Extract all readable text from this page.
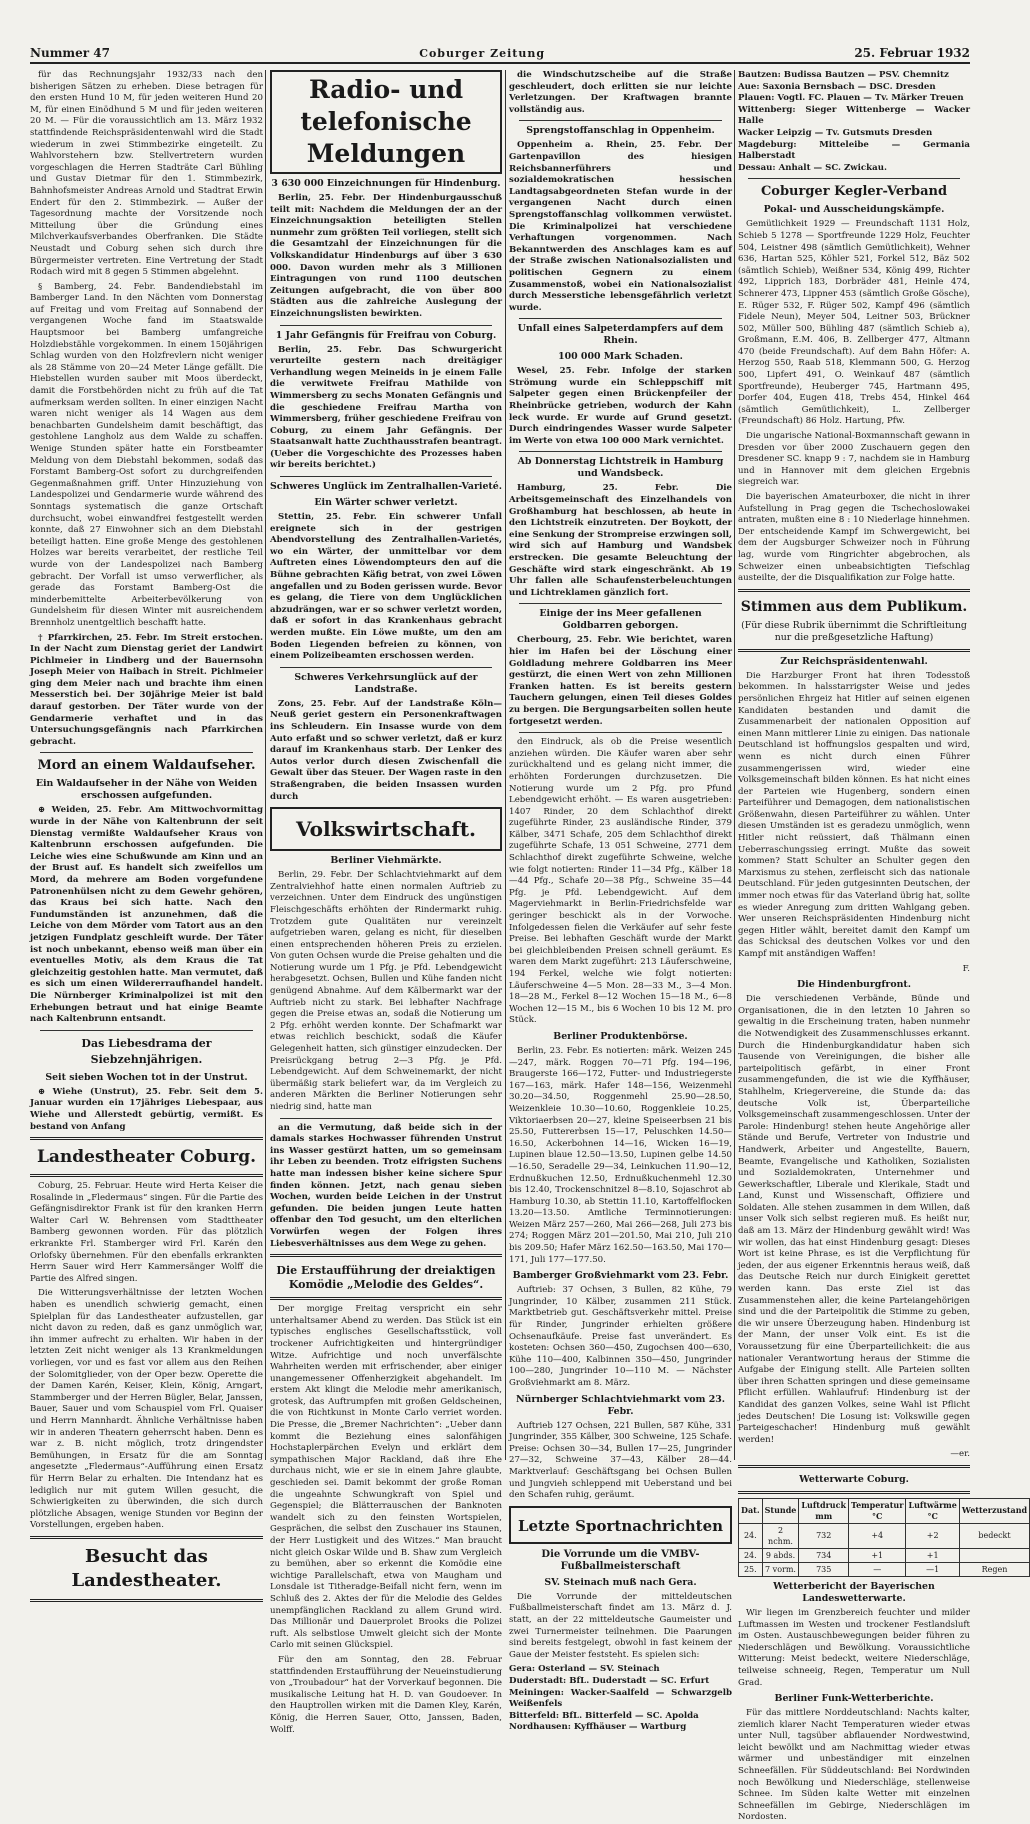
Nummer 47	Coburger Zeitung	25. Februar 1932
für das Rechnungsjahr 1932/33 nach den bisherigen Sätzen zu erheben. Diese betragen für den ersten Hund 10 M, für jeden weiteren Hund 20 M, für einen Einödhund 5 M und für jeden weiteren 20 M. — Für die voraussichtlich am 13. März 1932 stattfindende Reichspräsidentenwahl wird die Stadt wiederum in zwei Stimmbezirke eingeteilt. Zu Wahlvorstehern bzw. Stellvertretern wurden vorgeschlagen die Herren Stadträte Carl Bühling und Gustav Dietmar für den 1. Stimmbezirk, Bahnhofsmeister Andreas Arnold und Stadtrat Erwin Endert für den 2. Stimmbezirk. — Außer der Tagesordnung machte der Vorsitzende noch Mitteilung über die Gründung eines Milchverkaufsverbandes Oberfranken. Die Städte Neustadt und Coburg sehen sich durch ihre Bürgermeister vertreten. Eine Vertretung der Stadt Rodach wird mit 8 gegen 5 Stimmen abgelehnt.
§ Bamberg, 24. Febr. Bandendiebstahl im Bamberger Land. In den Nächten vom Donnerstag auf Freitag und vom Freitag auf Sonnabend der vergangenen Woche fand im Staatswalde Hauptsmoor bei Bamberg umfangreiche Holzdiebstähle vorgekommen. In einem 150jährigen Schlag wurden von den Holzfrevlern nicht weniger als 28 Stämme von 20—24 Meter Länge gefällt. Die Hiebstellen wurden sauber mit Moos überdeckt, damit die Forstbehörden nicht zu früh auf die Tat aufmerksam werden sollten. In einer einzigen Nacht waren nicht weniger als 14 Wagen aus dem benachbarten Gundelsheim damit beschäftigt, das gestohlene Langholz aus dem Walde zu schaffen. Wenige Stunden später hatte ein Forstbeamter Meldung von dem Diebstahl bekommen, sodaß das Forstamt Bamberg-Ost sofort zu durchgreifenden Gegenmaßnahmen griff. Unter Hinzuziehung von Landespolizei und Gendarmerie wurde während des Sonntags systematisch die ganze Ortschaft durchsucht, wobei einwandfrei festgestellt werden konnte, daß 27 Einwohner sich an dem Diebstahl beteiligt hatten. Eine große Menge des gestohlenen Holzes war bereits verarbeitet, der restliche Teil wurde von der Landespolizei nach Bamberg gebracht. Der Vorfall ist umso verwerflicher, als gerade das Forstamt Bamberg-Ost die minderbemittelte Arbeiterbevölkerung von Gundelsheim für diesen Winter mit ausreichendem Brennholz unentgeltlich beschafft hatte.
† Pfarrkirchen, 25. Febr. Im Streit erstochen. In der Nacht zum Dienstag geriet der Landwirt Pichlmeier in Lindberg und der Bauernsohn Joseph Meier von Haibach in Streit. Pichlmeier ging dem Meier nach und brachte ihm einen Messerstich bei. Der 30jährige Meier ist bald darauf gestorben. Der Täter wurde von der Gendarmerie verhaftet und in das Untersuchungsgefängnis nach Pfarrkirchen gebracht.
Mord an einem Waldaufseher.
Ein Waldaufseher in der Nähe von Weiden erschossen aufgefunden.
⊕ Weiden, 25. Febr. Am Mittwochvormittag wurde in der Nähe von Kaltenbrunn der seit Dienstag vermißte Waldaufseher Kraus von Kaltenbrunn erschossen aufgefunden. Die Leiche wies eine Schußwunde am Kinn und an der Brust auf. Es handelt sich zweifellos um Mord, da mehrere am Boden vorgefundene Patronenhülsen nicht zu dem Gewehr gehören, das Kraus bei sich hatte. Nach den Fundumständen ist anzunehmen, daß die Leiche von dem Mörder vom Tatort aus an den jetzigen Fundplatz geschleift wurde. Der Täter ist noch unbekannt, ebenso weiß man über ein eventuelles Motiv, als dem Kraus die Tat gleichzeitig gestohlen hatte. Man vermutet, daß es sich um einen Wildererraufhandel handelt. Die Nürnberger Kriminalpolizei ist mit den Erhebungen betraut und hat einige Beamte nach Kaltenbrunn entsandt.
Das Liebesdrama der Siebzehnjährigen.
Seit sieben Wochen tot in der Unstrut.
⊕ Wiehe (Unstrut), 25. Febr. Seit dem 5. Januar wurden ein 17jähriges Liebespaar, aus Wiehe und Allerstedt gebürtig, vermißt. Es bestand von Anfang
Landestheater Coburg.
Coburg, 25. Februar. Heute wird Herta Keiser die Rosalinde in „Fledermaus“ singen. Für die Partie des Gefängnisdirektor Frank ist für den kranken Herrn Walter Carl W. Behrensen vom Stadttheater Bamberg gewonnen worden. Für das plötzlich erkrankte Frl. Stamberger wird Frl. Karén den Orlofsky übernehmen. Für den ebenfalls erkrankten Herrn Sauer wird Herr Kammersänger Wolff die Partie des Alfred singen.
Die Witterungsverhältnisse der letzten Wochen haben es unendlich schwierig gemacht, einen Spielplan für das Landestheater aufzustellen, gar nicht davon zu reden, daß es ganz unmöglich war, ihn immer aufrecht zu erhalten. Wir haben in der letzten Zeit nicht weniger als 13 Krankmeldungen vorliegen, vor und es fast vor allem aus den Reihen der Solomitglieder, von der Oper bezw. Operette die der Damen Karén, Keiser, Klein, König, Arngart, Stammberger und der Herren Bügler, Belar, Janssen, Bauer, Sauer und vom Schauspiel vom Frl. Quaiser und Herrn Mannhardt. Ähnliche Verhältnisse haben wir in anderen Theatern geherrscht haben. Denn es war z. B. nicht möglich, trotz dringendster Bemühungen, in Ersatz für die am Sonntag angesetzte „Fledermaus“-Aufführung einen Ersatz für Herrn Belar zu erhalten. Die Intendanz hat es lediglich nur mit gutem Willen gesucht, die Schwierigkeiten zu überwinden, die sich durch plötzliche Absagen, wenige Stunden vor Beginn der Vorstellungen, ergeben haben.
Besucht das Landestheater.
Radio- und telefonische Meldungen
3 630 000 Einzeichnungen für Hindenburg.
Berlin, 25. Febr. Der Hindenburgausschuß teilt mit: Nachdem die Meldungen der an der Einzeichnungsaktion beteiligten Stellen nunmehr zum größten Teil vorliegen, stellt sich die Gesamtzahl der Einzeichnungen für die Volkskandidatur Hindenburgs auf über 3 630 000. Davon wurden mehr als 3 Millionen Eintragungen von rund 1100 deutschen Zeitungen aufgebracht, die von über 800 Städten aus die zahlreiche Auslegung der Einzeichnungslisten bewirkten.
1 Jahr Gefängnis für Freifrau von Coburg.
Berlin, 25. Febr. Das Schwurgericht verurteilte gestern nach dreitägiger Verhandlung wegen Meineids in je einem Falle die verwitwete Freifrau Mathilde von Wimmersberg zu sechs Monaten Gefängnis und die geschiedene Freifrau Martha von Wimmersberg, früher geschiedene Freifrau von Coburg, zu einem Jahr Gefängnis. Der Staatsanwalt hatte Zuchthausstrafen beantragt. (Ueber die Vorgeschichte des Prozesses haben wir bereits berichtet.)
Schweres Unglück im Zentralhallen-Varieté.
Ein Wärter schwer verletzt.
Stettin, 25. Febr. Ein schwerer Unfall ereignete sich in der gestrigen Abendvorstellung des Zentralhallen-Varietés, wo ein Wärter, der unmittelbar vor dem Auftreten eines Löwendompteurs den auf die Bühne gebrachten Käfig betrat, von zwei Löwen angefallen und zu Boden gerissen wurde. Bevor es gelang, die Tiere von dem Unglücklichen abzudrängen, war er so schwer verletzt worden, daß er sofort in das Krankenhaus gebracht werden mußte. Ein Löwe mußte, um den am Boden Liegenden befreien zu können, von einem Polizeibeamten erschossen werden.
Schweres Verkehrsunglück auf der Landstraße.
Zons, 25. Febr. Auf der Landstraße Köln—Neuß geriet gestern ein Personenkraftwagen ins Schleudern. Ein Insasse wurde von dem Auto erfaßt und so schwer verletzt, daß er kurz darauf im Krankenhaus starb. Der Lenker des Autos verlor durch diesen Zwischenfall die Gewalt über das Steuer. Der Wagen raste in den Straßengraben, die beiden Insassen wurden durch
Volkswirtschaft.
Berliner Viehmärkte.
Berlin, 29. Febr. Der Schlachtviehmarkt auf dem Zentralviehhof hatte einen normalen Auftrieb zu verzeichnen. Unter dem Eindruck des ungünstigen Fleischgeschäfts erhöhten der Rindermarkt ruhig. Trotzdem gute Qualitäten nur vereinzelt aufgetrieben waren, gelang es nicht, für dieselben einen entsprechenden höheren Preis zu erzielen. Von guten Ochsen wurde die Preise gehalten und die Notierung wurde um 1 Pfg. je Pfd. Lebendgewicht herabgesetzt. Ochsen, Bullen und Kühe fanden nicht genügend Abnahme. Auf dem Kälbermarkt war der Auftrieb nicht zu stark. Bei lebhafter Nachfrage gegen die Preise etwas an, sodaß die Notierung um 2 Pfg. erhöht werden konnte. Der Schafmarkt war etwas reichlich beschickt, sodaß die Käufer Gelegenheit hatten, sich günstiger einzudecken. Der Preisrückgang betrug 2—3 Pfg. je Pfd. Lebendgewicht. Auf dem Schweinemarkt, der nicht übermäßig stark beliefert war, da im Vergleich zu anderen Märkten die Berliner Notierungen sehr niedrig sind, hatte man
an die Vermutung, daß beide sich in der damals starkes Hochwasser führenden Unstrut ins Wasser gestürzt hatten, um so gemeinsam ihr Leben zu beenden. Trotz eifrigsten Suchens hatte man indessen bisher keine sichere Spur finden können. Jetzt, nach genau sieben Wochen, wurden beide Leichen in der Unstrut gefunden. Die beiden jungen Leute hatten offenbar den Tod gesucht, um den elterlichen Vorwürfen wegen der Folgen ihres Liebesverhältnisses aus dem Wege zu gehen.
Die Erstaufführung der dreiaktigen Komödie „Melodie des Geldes“.
Der morgige Freitag verspricht ein sehr unterhaltsamer Abend zu werden. Das Stück ist ein typisches englisches Gesellschaftsstück, voll trockener Aufrichtigkeiten und hintergründiger Witze. Aufrichtige und noch unverfälschte Wahrheiten werden mit erfrischender, aber einiger unangemessener Offenherzigkeit abgehandelt. Im erstem Akt klingt die Melodie mehr amerikanisch, grotesk, das Auftrumpfen mit großen Geldscheinen, die von Richtkunst in Monte Carlo verriet worden. Die Presse, die „Bremer Nachrichten“: „Ueber dann kommt die Beziehung eines salonfähigen Hochstaplerpärchen Evelyn und erklärt dem sympathischen Major Rackland, daß ihre Ehe durchaus nicht, wie er sie in einem Jahre glaubte, geschieden sei. Damit bekommt der große Roman die ungeahnte Schwungkraft von Spiel und Gegenspiel; die Blätterrauschen der Banknoten wandelt sich zu den feinsten Wortspielen, Gesprächen, die selbst den Zuschauer ins Staunen, der Herr Lustigkeit und des Witzes.“ Man braucht nicht gleich Oskar Wilde und B. Shaw zum Vergleich zu bemühen, aber so erkennt die Komödie eine wichtige Parallelschaft, etwa von Maugham und Lonsdale ist Titheradge-Beifall nicht fern, wenn im Schluß des 2. Aktes der für die Melodie des Geldes unempfänglichen Rackland zu allem Grund wird. Das Millionär und Dauerprolet Brooks die Polizei ruft. Als selbstlose Umwelt gleicht sich der Monte Carlo mit seinen Glückspiel.
Für den am Sonntag, den 28. Februar stattfindenden Erstaufführung der Neueinstudierung von „Troubadour“ hat der Vorverkauf begonnen. Die musikalische Leitung hat H. D. van Goudoever. In den Hauptrollen wirken mit die Damen Kley, Karén, König, die Herren Sauer, Otto, Janssen, Baden, Wolff.
die Windschutzscheibe auf die Straße geschleudert, doch erlitten sie nur leichte Verletzungen. Der Kraftwagen brannte vollständig aus.
Sprengstoffanschlag in Oppenheim.
Oppenheim a. Rhein, 25. Febr. Der Gartenpavillon des hiesigen Reichsbannerführers und sozialdemokratischen hessischen Landtagsabgeordneten Stefan wurde in der vergangenen Nacht durch einen Sprengstoffanschlag vollkommen verwüstet. Die Kriminalpolizei hat verschiedene Verhaftungen vorgenommen. Nach Bekanntwerden des Anschlages kam es auf der Straße zwischen Nationalsozialisten und politischen Gegnern zu einem Zusammenstoß, wobei ein Nationalsozialist durch Messerstiche lebensgefährlich verletzt wurde.
Unfall eines Salpeterdampfers auf dem Rhein.
100 000 Mark Schaden.
Wesel, 25. Febr. Infolge der starken Strömung wurde ein Schleppschiff mit Salpeter gegen einen Brückenpfeiler der Rheinbrücke getrieben, wodurch der Kahn leck wurde. Er wurde auf Grund gesetzt. Durch eindringendes Wasser wurde Salpeter im Werte von etwa 100 000 Mark vernichtet.
Ab Donnerstag Lichtstreik in Hamburg und Wandsbeck.
Hamburg, 25. Febr. Die Arbeitsgemeinschaft des Einzelhandels von Großhamburg hat beschlossen, ab heute in den Lichtstreik einzutreten. Der Boykott, der eine Senkung der Strompreise erzwingen soll, wird sich auf Hamburg und Wandsbek erstrecken. Die gesamte Beleuchtung der Geschäfte wird stark eingeschränkt. Ab 19 Uhr fallen alle Schaufensterbeleuchtungen und Lichtreklamen gänzlich fort.
Einige der ins Meer gefallenen Goldbarren geborgen.
Cherbourg, 25. Febr. Wie berichtet, waren hier im Hafen bei der Löschung einer Goldladung mehrere Goldbarren ins Meer gestürzt, die einen Wert von zehn Millionen Franken hatten. Es ist bereits gestern Tauchern gelungen, einen Teil dieses Goldes zu bergen. Die Bergungsarbeiten sollen heute fortgesetzt werden.
den Eindruck, als ob die Preise wesentlich anziehen würden. Die Käufer waren aber sehr zurückhaltend und es gelang nicht immer, die erhöhten Forderungen durchzusetzen. Die Notierung wurde um 2 Pfg. pro Pfund Lebendgewicht erhöht. — Es waren ausgetrieben: 1407 Rinder, 20 dem Schlachthof direkt zugeführte Rinder, 23 ausländische Rinder, 379 Kälber, 3471 Schafe, 205 dem Schlachthof direkt zugeführte Schafe, 13 051 Schweine, 2771 dem Schlachthof direkt zugeführte Schweine, welche wie folgt notierten: Rinder 11—34 Pfg., Kälber 18—44 Pfg., Schafe 20—38 Pfg., Schweine 35—44 Pfg. je Pfd. Lebendgewicht. Auf dem Magerviehmarkt in Berlin-Friedrichsfelde war geringer beschickt als in der Vorwoche. Infolgedessen fielen die Verkäufer auf sehr feste Preise. Bei lebhaften Geschäft wurde der Markt bei gleichbleibenden Preisen schnell geräumt. Es waren dem Markt zugeführt: 213 Läuferschweine, 194 Ferkel, welche wie folgt notierten: Läuferschweine 4—5 Mon. 28—33 M., 3—4 Mon. 18—28 M., Ferkel 8—12 Wochen 15—18 M., 6—8 Wochen 12—15 M., bis 6 Wochen 10 bis 12 M. pro Stück.
Berliner Produktenbörse.
Berlin, 23. Febr. Es notierten: märk. Weizen 245—247, märk. Roggen 70—71 Pfg. 194—196, Braugerste 166—172, Futter- und Industriegerste 167—163, märk. Hafer 148—156, Weizenmehl 30.20—34.50, Roggenmehl 25.90—28.50, Weizenkleie 10.30—10.60, Roggenkleie 10.25, Viktoriaerbsen 20—27, kleine Speiseerbsen 21 bis 25.50, Futtererbsen 15—17, Peluschken 14.50—16.50, Ackerbohnen 14—16, Wicken 16—19, Lupinen blaue 12.50—13.50, Lupinen gelbe 14.50—16.50, Seradelle 29—34, Leinkuchen 11.90—12, Erdnußkuchen 12.50, Erdnußkuchenmehl 12.30 bis 12.40, Trockenschnitzel 8—8.10, Sojaschrot ab Hamburg 10.30, ab Stettin 11.10, Kartoffelflocken 13.20—13.50. Amtliche Terminnotierungen: Weizen März 257—260, Mai 266—268, Juli 273 bis 274; Roggen März 201—201.50, Mai 210, Juli 210 bis 209.50; Hafer März 162.50—163.50, Mai 170—171, Juli 177—177.50.
Bamberger Großviehmarkt vom 23. Febr.
Auftrieb: 37 Ochsen, 3 Bullen, 82 Kühe, 79 Jungrinder, 10 Kälber, zusammen 211 Stück. Marktbetrieb gut. Geschäftsverkehr mittel. Preise für Rinder, Jungrinder erhielten größere Ochsenaufkäufe. Preise fast unverändert. Es kosteten: Ochsen 360—450, Zugochsen 400—630, Kühe 110—400, Kalbinnen 350—450, Jungrinder 100—280, Jungrinder 10—110 M. — Nächster Großviehmarkt am 8. März.
Nürnberger Schlachtviehmarkt vom 23. Febr.
Auftrieb 127 Ochsen, 221 Bullen, 587 Kühe, 331 Jungrinder, 355 Kälber, 300 Schweine, 125 Schafe. Preise: Ochsen 30—34, Bullen 17—25, Jungrinder 27—32, Schweine 37—43, Kälber 28—44. Marktverlauf: Geschäftsgang bei Ochsen Bullen und Jungvieh schleppend mit Ueberstand und bei den Schafen ruhig, geräumt.
Letzte Sportnachrichten
Die Vorrunde um die VMBV-Fußballmeisterschaft
SV. Steinach muß nach Gera.
Die Vorrunde der mitteldeutschen Fußballmeisterschaft findet am 13. März d. J. statt, an der 22 mitteldeutsche Gaumeister und zwei Turnermeister teilnehmen. Die Paarungen sind bereits festgelegt, obwohl in fast keinem der Gaue der Meister feststeht. Es spielen sich:
Gera: Osterland — SV. Steinach
Duderstadt: BfL. Duderstadt — SC. Erfurt
Meiningen: Wacker-Saalfeld — Schwarzgelb Weißenfels
Bitterfeld: BfL. Bitterfeld — SC. Apolda
Nordhausen: Kyffhäuser — Wartburg
Bautzen: Budissa Bautzen — PSV. Chemnitz
Aue: Saxonia Bernsbach — DSC. Dresden
Plauen: Vogtl. FC. Plauen — Tv. Märker Treuen
Wittenberg: Sieger Wittenberge — Wacker Halle
Wacker Leipzig — Tv. Gutsmuts Dresden
Magdeburg: Mitteleibe — Germania Halberstadt
Dessau: Anhalt — SC. Zwickau.
Coburger Kegler-Verband
Pokal- und Ausscheidungskämpfe.
Gemütlichkeit 1929 — Freundschaft 1131 Holz, Schieb 5 1278 — Sportfreunde 1229 Holz, Feuchter 504, Leistner 498 (sämtlich Gemütlichkeit), Wehner 636, Hartan 525, Köhler 521, Forkel 512, Bäz 502 (sämtlich Schieb), Weißner 534, König 499, Richter 492, Lipprich 183, Dorbräder 481, Heinle 474, Schnerer 473, Lippner 453 (sämtlich Große Gösche), E. Rüger 532, F. Rüger 502, Kampf 496 (sämtlich Fidele Neun), Meyer 504, Leitner 503, Brückner 502, Müller 500, Bühling 487 (sämtlich Schieb a), Großmann, E.M. 406, B. Zellberger 477, Altmann 470 (beide Freundschaft). Auf dem Bahn Höfer: A. Herzog 550, Raab 518, Klemmann 500, G. Herzog 500, Lipfert 491, O. Weinkauf 487 (sämtlich Sportfreunde), Heuberger 745, Hartmann 495, Dorfer 404, Eugen 418, Trebs 454, Hinkel 464 (sämtlich Gemütlichkeit), L. Zellberger (Freundschaft) 86 Holz. Hartung, Pfw.
Die ungarische National-Boxmannschaft gewann in Dresden vor über 2000 Zuschauern gegen den Dresdener SC. knapp 9 : 7, nachdem sie in Hamburg und in Hannover mit dem gleichen Ergebnis siegreich war.
Die bayerischen Amateurboxer, die nicht in ihrer Aufstellung in Prag gegen die Tschechoslowakei antraten, mußten eine 8 : 10 Niederlage hinnehmen. Der entscheidende Kampf im Schwergewicht, bei dem der Augsburger Schweizer noch in Führung lag, wurde vom Ringrichter abgebrochen, als Schweizer einen unbeabsichtigten Tiefschlag austeilte, der die Disqualifikation zur Folge hatte.
Stimmen aus dem Publikum.
(Für diese Rubrik übernimmt die Schriftleitung nur die preßgesetzliche Haftung)
Zur Reichspräsidentenwahl.
Die Harzburger Front hat ihren Todesstoß bekommen. In halsstarrigster Weise und jedes persönlichen Ehrgeiz hat Hitler auf seinen eigenen Kandidaten bestanden und damit die Zusammenarbeit der nationalen Opposition auf einen Mann mittlerer Linie zu einigen. Das nationale Deutschland ist hoffnungslos gespalten und wird, wenn es nicht durch einen Führer zusammengerissen wird, wieder eine Volksgemeinschaft bilden können. Es hat nicht eines der Parteien wie Hugenberg, sondern einen Parteiführer und Demagogen, dem nationalistischen Größenwahn, diesen Parteiführer zu wählen. Unter diesen Umständen ist es geradezu unmöglich, wenn Hitler nicht reüssiert, daß Thälmann einen Ueberraschungssieg erringt. Mußte das soweit kommen? Statt Schulter an Schulter gegen den Marxismus zu stehen, zerfleischt sich das nationale Deutschland. Für jeden gutgesinnten Deutschen, der immer noch etwas für das Vaterland übrig hat, sollte es wieder Anregung zum dritten Wahlgang geben. Wer unseren Reichspräsidenten Hindenburg nicht gegen Hitler wählt, bereitet damit den Kampf um das Schicksal des deutschen Volkes vor und den Kampf mit anständigen Waffen!
F.
Die Hindenburgfront.
Die verschiedenen Verbände, Bünde und Organisationen, die in den letzten 10 Jahren so gewaltig in die Erscheinung traten, haben nunmehr die Notwendigkeit des Zusammenschlusses erkannt. Durch die Hindenburgkandidatur haben sich Tausende von Vereinigungen, die bisher alle parteipolitisch gefärbt, in einer Front zusammengefunden, die ist wie die Kyffhäuser, Stahlhelm, Kriegervereine, die Stunde da: das deutsche Volk ist, Überparteiliche Volksgemeinschaft zusammengeschlossen. Unter der Parole: Hindenburg! stehen heute Angehörige aller Stände und Berufe, Vertreter von Industrie und Handwerk, Arbeiter und Angestellte, Bauern, Beamte, Evangelische und Katholiken, Sozialisten und Sozialdemokraten, Unternehmer und Gewerkschaftler, Liberale und Klerikale, Stadt und Land, Kunst und Wissenschaft, Offiziere und Soldaten. Alle stehen zusammen in dem Willen, daß unser Volk sich selbst regieren muß. Es heißt nur, daß am 13. März der Hindenburg gewählt wird! Was wir wollen, das hat einst Hindenburg gesagt: Dieses Wort ist keine Phrase, es ist die Verpflichtung für jeden, der aus eigener Erkenntnis heraus weiß, daß das Deutsche Reich nur durch Einigkeit gerettet werden kann. Das erste Ziel ist das Zusammenstehen aller, die keine Parteiangehörigen sind und die der Parteipolitik die Stimme zu geben, die wir unsere Überzeugung haben. Hindenburg ist der Mann, der unser Volk eint. Es ist die Voraussetzung für eine Überparteilichkeit: die aus nationaler Verantwortung heraus der Stimme die Aufgabe der Einigung stellt. Alle Parteien sollten über ihren Schatten springen und diese gemeinsame Pflicht erfüllen. Wahlaufruf: Hindenburg ist der Kandidat des ganzen Volkes, seine Wahl ist Pflicht jedes Deutschen! Die Losung ist: Volkswille gegen Parteigeschacher! Hindenburg muß gewählt werden!
—er.
Wetterwarte Coburg.
Dat.	Stunde	Luftdruck mm	Temperatur °C	Luftwärme °C	Wetterzustand
24.	2 nchm.	732	+4	+2	bedeckt
24.	9 abds.	734	+1	+1	
25.	7 vorm.	735	—	—1	Regen
Wetterbericht der Bayerischen Landeswetterwarte.
Wir liegen im Grenzbereich feuchter und milder Luftmassen im Westen und trockener Festlandsluft im Osten. Austauschbewegungen beider führen zu Niederschlägen und Bewölkung. Voraussichtliche Witterung: Meist bedeckt, weitere Niederschläge, teilweise schneeig, Regen, Temperatur um Null Grad.
Berliner Funk-Wetterberichte.
Für das mittlere Norddeutschland: Nachts kalter, ziemlich klarer Nacht Temperaturen wieder etwas unter Null, tagsüber abflauender Nordwestwind, leicht bewölkt und am Nachmittag wieder etwas wärmer und unbeständiger mit einzelnen Schneefällen. Für Süddeutschland: Bei Nordwinden noch Bewölkung und Niederschläge, stellenweise Schnee. Im Süden kalte Wetter mit einzelnen Schneefällen im Gebirge, Niederschlägen im Nordosten.
